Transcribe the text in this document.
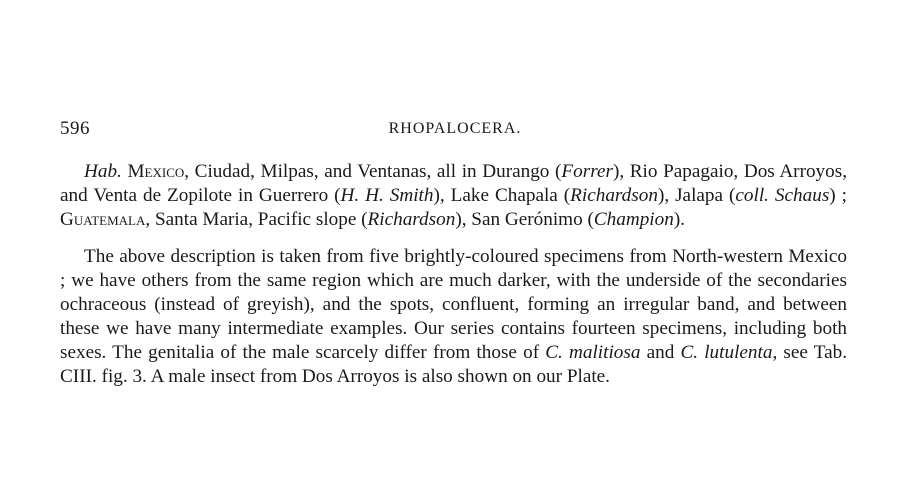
596	RHOPALOCERA.

Hab. Mexico, Ciudad, Milpas, and Ventanas, all in Durango (Forrer), Rio Papagaio, Dos Arroyos, and Venta de Zopilote in Guerrero (H. H. Smith), Lake Chapala (Richardson), Jalapa (coll. Schaus) ; Guatemala, Santa Maria, Pacific slope (Richardson), San Gerónimo (Champion).

The above description is taken from five brightly-coloured specimens from North-western Mexico ; we have others from the same region which are much darker, with the underside of the secondaries ochraceous (instead of greyish), and the spots, confluent, forming an irregular band, and between these we have many intermediate examples. Our series contains fourteen specimens, including both sexes. The genitalia of the male scarcely differ from those of C. malitiosa and C. lutulenta, see Tab. CIII. fig. 3. A male insect from Dos Arroyos is also shown on our Plate.
